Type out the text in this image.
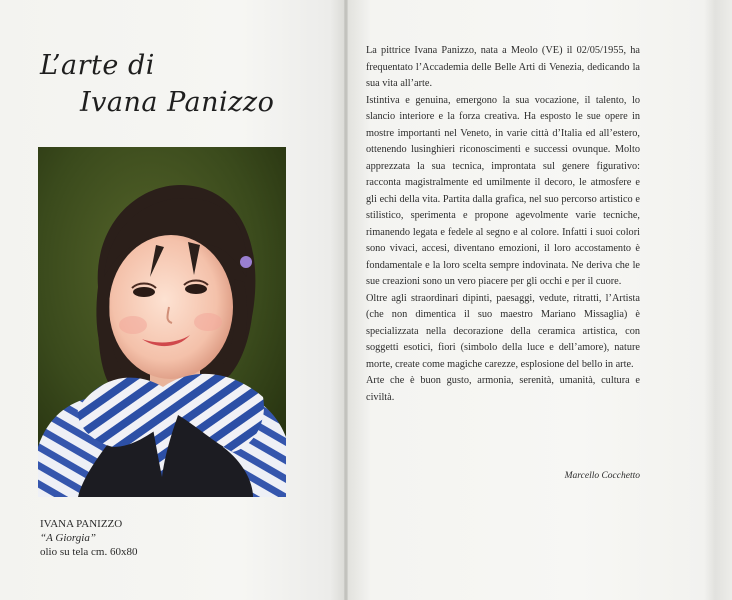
L’arte di
Ivana Panizzo
IVANA PANIZZO
“A Giorgia”
olio su tela cm. 60x80

La pittrice Ivana Panizzo, nata a Meolo (VE) il 02/05/1955, ha frequentato l’Accademia delle Belle Arti di Venezia, dedicando la sua vita all’arte.

Istintiva e genuina, emergono la sua vocazione, il talento, lo slancio interiore e la forza creativa. Ha esposto le sue opere in mostre importanti nel Veneto, in varie città d’Italia ed all’estero, ottenendo lusinghieri riconoscimenti e successi ovunque. Molto apprezzata la sua tecnica, improntata sul genere figurativo: racconta magistralmente ed umilmente il decoro, le atmosfere e gli echi della vita. Partita dalla grafica, nel suo percorso artistico e stilistico, sperimenta e propone agevolmente varie tecniche, rimanendo legata e fedele al segno e al colore. Infatti i suoi colori sono vivaci, accesi, diventano emozioni, il loro accostamento è fondamentale e la loro scelta sempre indovinata. Ne deriva che le sue creazioni sono un vero piacere per gli occhi e per il cuore.

Oltre agli straordinari dipinti, paesaggi, vedute, ritratti, l’Artista (che non dimentica il suo maestro Mariano Missaglia) è specializzata nella decorazione della ceramica artistica, con soggetti esotici, fiori (simbolo della luce e dell’amore), nature morte, create come magiche carezze, esplosione del bello in arte.

Arte che è buon gusto, armonia, serenità, umanità, cultura e civiltà.

Marcello Cocchetto
